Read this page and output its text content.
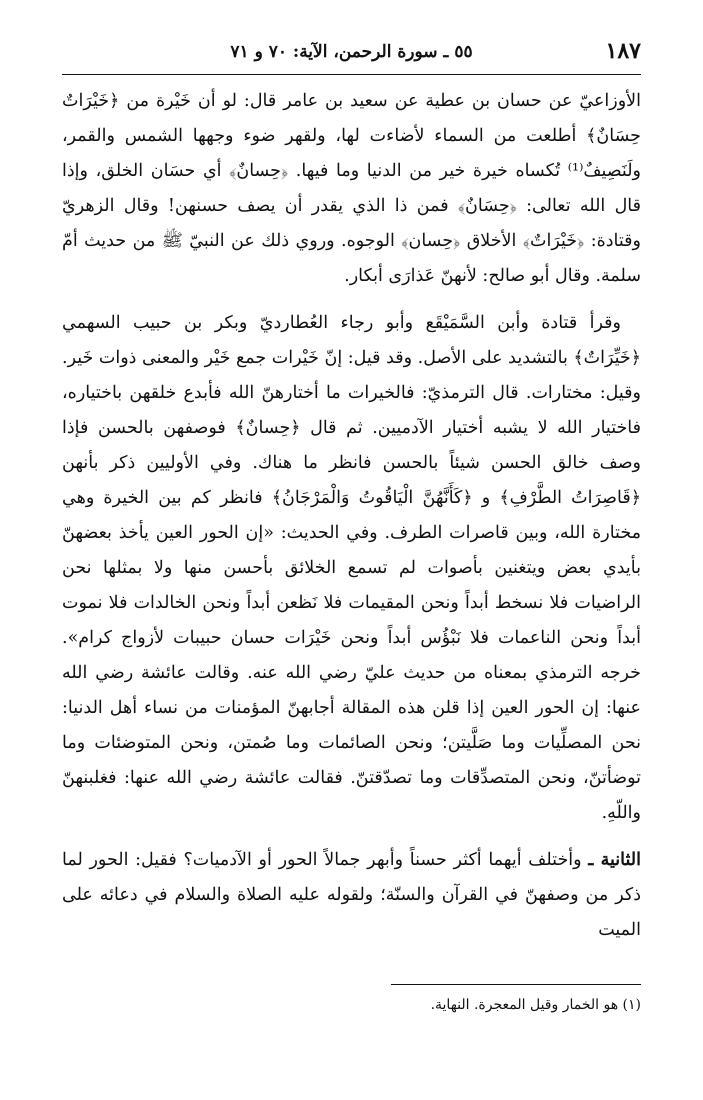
١٨٧
٥٥ ـ سورة الرحمن، الآية: ٧٠ و ٧١

الأوزاعيّ عن حسان بن عطية عن سعيد بن عامر قال: لو أن خَيْرة من ﴿خَيْرَاتٌ حِسَانٌ﴾ أطلعت من السماء لأضاءت لها، ولقهر ضوء وجهها الشمس والقمر، ولَنَصِيفٌ⁽¹⁾ تُكساه خيرة خير من الدنيا وما فيها. ﴿حِسانٌ﴾ أي حسَان الخلق، وإذا قال الله تعالى: ﴿حِسَانٌ﴾ فمن ذا الذي يقدر أن يصف حسنهن! وقال الزهريّ وقتادة: ﴿خَيْرَاتٌ﴾ الأخلاق ﴿حِسان﴾ الوجوه. وروي ذلك عن النبيّ ﷺ من حديث أمّ سلمة. وقال أبو صالح: لأنهنّ عَذارَى أبكار.

وقرأ قتادة وأبن السَّمَيْقَع وأبو رجاء العُطارديّ وبكر بن حبيب السهمي ﴿خَيِّرَاتٌ﴾ بالتشديد على الأصل. وقد قيل: إنّ خَيْرات جمع خَيْر والمعنى ذوات خَير. وقيل: مختارات. قال الترمذيّ: فالخيرات ما أختارهنّ الله فأبدع خلقهن باختياره، فاختيار الله لا يشبه أختيار الآدميين. ثم قال ﴿حِسانٌ﴾ فوصفهن بالحسن فإذا وصف خالق الحسن شيئاً بالحسن فانظر ما هناك. وفي الأوليين ذكر بأنهن ﴿قَاصِرَاتُ الطَّرْفِ﴾ و ﴿كَأَنَّهُنَّ الْيَاقُوتُ وَالْمَرْجَانُ﴾ فانظر كم بين الخيرة وهي مختارة الله، وبين قاصرات الطرف. وفي الحديث: «إن الحور العين يأخذ بعضهنّ بأيدي بعض ويتغنين بأصوات لم تسمع الخلائق بأحسن منها ولا بمثلها نحن الراضيات فلا نسخط أبداً ونحن المقيمات فلا نَظعن أبداً ونحن الخالدات فلا نموت أبداً ونحن الناعمات فلا نَبْؤُس أبداً ونحن خَيْرَات حسان حبيبات لأزواج كرام». خرجه الترمذي بمعناه من حديث عليّ رضي الله عنه. وقالت عائشة رضي الله عنها: إن الحور العين إذا قلن هذه المقالة أجابهنّ المؤمنات من نساء أهل الدنيا: نحن المصلِّيات وما صَلَّيتن؛ ونحن الصائمات وما صُمتن، ونحن المتوضئات وما توضأتنّ، ونحن المتصدِّقات وما تصدّقتنّ. فقالت عائشة رضي الله عنها: فغلبنهنّ واللّهِ.

الثانية ـ وأختلف أيهما أكثر حسناً وأبهر جمالاً الحور أو الآدميات؟ فقيل: الحور لما ذكر من وصفهنّ في القرآن والسنّة؛ ولقوله عليه الصلاة والسلام في دعائه على الميت

(١) هو الخمار وقيل المعجرة. النهاية.
